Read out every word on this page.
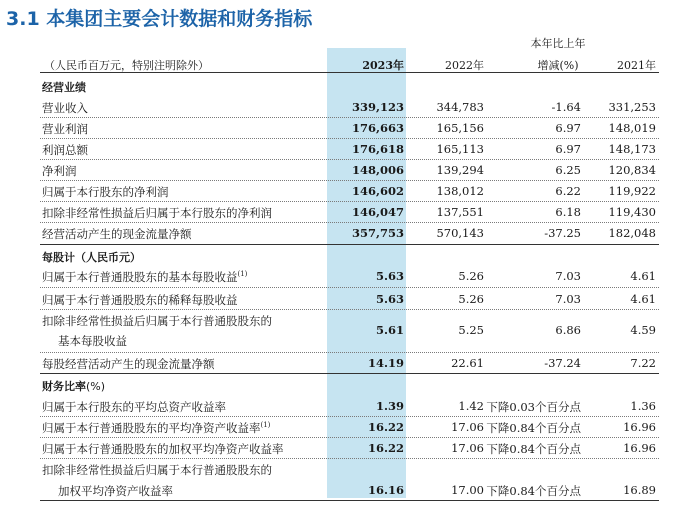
3.1 本集团主要会计数据和财务指标
本年比上年
（人民币百万元，特别注明除外）	2023年	2022年	增减(%)	2021年
经营业绩
营业收入	339,123	344,783	-1.64 331,253
营业利润	176,663	165,156	6.97 148,019
利润总额	176,618	165,113	6.97 148,173
净利润	148,006	139,294	6.25 120,834
归属于本行股东的净利润	146,602	138,012	6.22 119,922
扣除非经常性损益后归属于本行股东的净利润	146,047	137,551	6.18 119,430
经营活动产生的现金流量净额	357,753	570,143	-37.25 182,048
每股计（人民币元）
归属于本行普通股股东的基本每股收益$^{(1)}$	5.63	5.26	7.03	4.61
归属于本行普通股股东的稀释每股收益	5.63	5.26	7.03	4.61
扣除非经常性损益后归属于本行普通股股东的
基本每股收益
5.61	5.25	6.86	4.59
每股经营活动产生的现金流量净额	14.19	22.61	-37.24	7.22
财务比率(%)
归属于本行股东的平均总资产收益率	1.39	1.42 下降0.03个百分点	1.36
归属于本行普通股股东的平均净资产收益率$^{(1)}$	16.22	17.06 下降0.84个百分点	16.96
归属于本行普通股股东的加权平均净资产收益率	16.22	17.06 下降0.84个百分点	16.96
扣除非经常性损益后归属于本行普通股股东的
加权平均净资产收益率	16.16	17.00 下降0.84个百分点	16.89
